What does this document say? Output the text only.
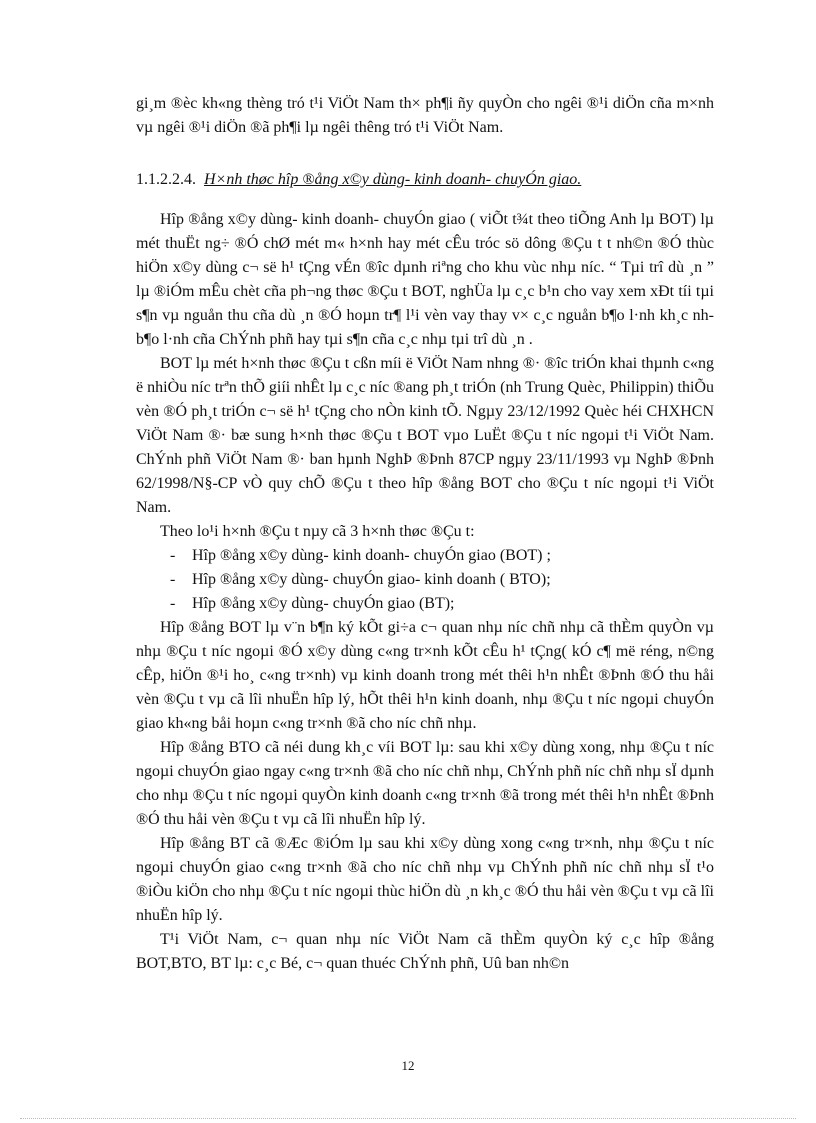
gi¸m ®èc kh«ng thèng tró t¹i ViÖt Nam th× ph¶i ñy quyÒn cho ngêi ®¹i diÖn cña m×nh vµ ngêi ®¹i diÖn ®ã ph¶i lµ ngêi thêng tró t¹i ViÖt Nam.

1.1.2.2.4. H×nh thøc hîp ®ång x©y dùng- kinh doanh- chuyÓn giao.

Hîp ®ång x©y dùng- kinh doanh- chuyÓn giao ( viÕt t¾t theo tiÕng Anh lµ BOT) lµ mét thuËt ng÷ ®Ó chØ mét m« h×nh hay mét cÊu tróc sö dông ®Çu t t nh©n ®Ó thùc hiÖn x©y dùng c¬ së h¹ tÇng vÉn ®îc dµnh riªng cho khu vùc nhµ níc. “ Tµi trî dù ¸n ” lµ ®iÓm mÊu chèt cña ph¬ng thøc ®Çu t BOT, nghÜa lµ c¸c b¹n cho vay xem xÐt tíi tµi s¶n vµ nguån thu cña dù ¸n ®Ó hoµn tr¶ l¹i vèn vay thay v× c¸c nguån b¶o l·nh kh¸c nh b¶o l·nh cña ChÝnh phñ hay tµi s¶n cña c¸c nhµ tµi trî dù ¸n .

BOT lµ mét h×nh thøc ®Çu t cßn míi ë ViÖt Nam nhng ®· ®îc triÓn khai thµnh c«ng ë nhiÒu níc trªn thÕ giíi nhÊt lµ c¸c níc ®ang ph¸t triÓn (nh Trung Quèc, Philippin) thiÕu vèn ®Ó ph¸t triÓn c¬ së h¹ tÇng cho nÒn kinh tÕ. Ngµy 23/12/1992 Quèc héi CHXHCN ViÖt Nam ®· bæ sung h×nh thøc ®Çu t BOT vµo LuËt ®Çu t níc ngoµi t¹i ViÖt Nam. ChÝnh phñ ViÖt Nam ®· ban hµnh NghÞ ®Þnh 87CP ngµy 23/11/1993 vµ NghÞ ®Þnh 62/1998/N§-CP vÒ quy chÕ ®Çu t theo hîp ®ång BOT cho ®Çu t níc ngoµi t¹i ViÖt Nam.

Theo lo¹i h×nh ®Çu t nµy cã 3 h×nh thøc ®Çu t:

- Hîp ®ång x©y dùng- kinh doanh- chuyÓn giao (BOT) ;
- Hîp ®ång x©y dùng- chuyÓn giao- kinh doanh ( BTO);
- Hîp ®ång x©y dùng- chuyÓn giao (BT);

Hîp ®ång BOT lµ v¨n b¶n ký kÕt gi÷a c¬ quan nhµ níc chñ nhµ cã thÈm quyÒn vµ nhµ ®Çu t níc ngoµi ®Ó x©y dùng c«ng tr×nh kÕt cÊu h¹ tÇng( kÓ c¶ më réng, n©ng cÊp, hiÖn ®¹i ho¸ c«ng tr×nh) vµ kinh doanh trong mét thêi h¹n nhÊt ®Þnh ®Ó thu håi vèn ®Çu t vµ cã lîi nhuËn hîp lý, hÕt thêi h¹n kinh doanh, nhµ ®Çu t níc ngoµi chuyÓn giao kh«ng båi hoµn c«ng tr×nh ®ã cho níc chñ nhµ.

Hîp ®ång BTO cã néi dung kh¸c víi BOT lµ: sau khi x©y dùng xong, nhµ ®Çu t níc ngoµi chuyÓn giao ngay c«ng tr×nh ®ã cho níc chñ nhµ, ChÝnh phñ níc chñ nhµ sÏ dµnh cho nhµ ®Çu t níc ngoµi quyÒn kinh doanh c«ng tr×nh ®ã trong mét thêi h¹n nhÊt ®Þnh ®Ó thu håi vèn ®Çu t vµ cã lîi nhuËn hîp lý.

Hîp ®ång BT cã ®Æc ®iÓm lµ sau khi x©y dùng xong c«ng tr×nh, nhµ ®Çu t níc ngoµi chuyÓn giao c«ng tr×nh ®ã cho níc chñ nhµ vµ ChÝnh phñ níc chñ nhµ sÏ t¹o ®iÒu kiÖn cho nhµ ®Çu t níc ngoµi thùc hiÖn dù ¸n kh¸c ®Ó thu håi vèn ®Çu t vµ cã lîi nhuËn hîp lý.

T¹i ViÖt Nam, c¬ quan nhµ níc ViÖt Nam cã thÈm quyÒn ký c¸c hîp ®ång BOT,BTO, BT lµ: c¸c Bé, c¬ quan thuéc ChÝnh phñ, Uû ban nh©n

12
